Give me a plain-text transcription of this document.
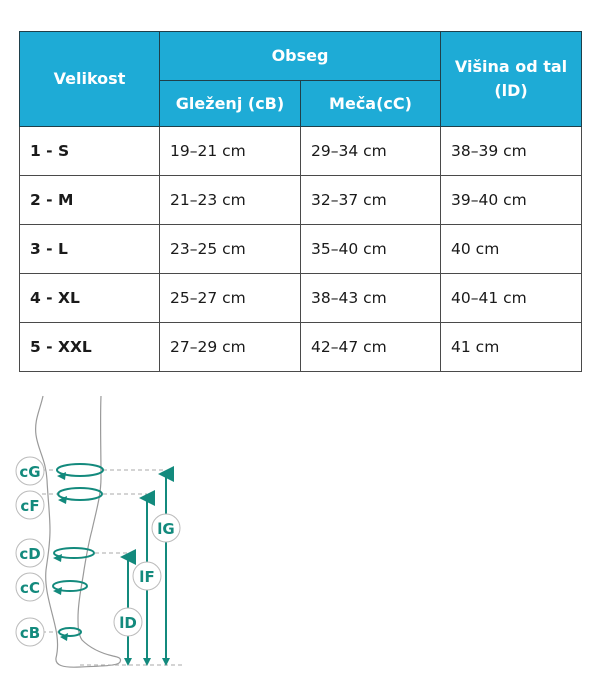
Velikost	Obseg		Višina od tal (lD)
	Gleženj (cB)	Meča(cC)	
1 - S	19–21 cm	29–34 cm	38–39 cm
2 - M	21–23 cm	32–37 cm	39–40 cm
3 - L	23–25 cm	35–40 cm	40 cm
4 - XL	25–27 cm	38–43 cm	40–41 cm
5 - XXL	27–29 cm	42–47 cm	41 cm
cG
cF
cD
cC
cB
lG
lF
lD
